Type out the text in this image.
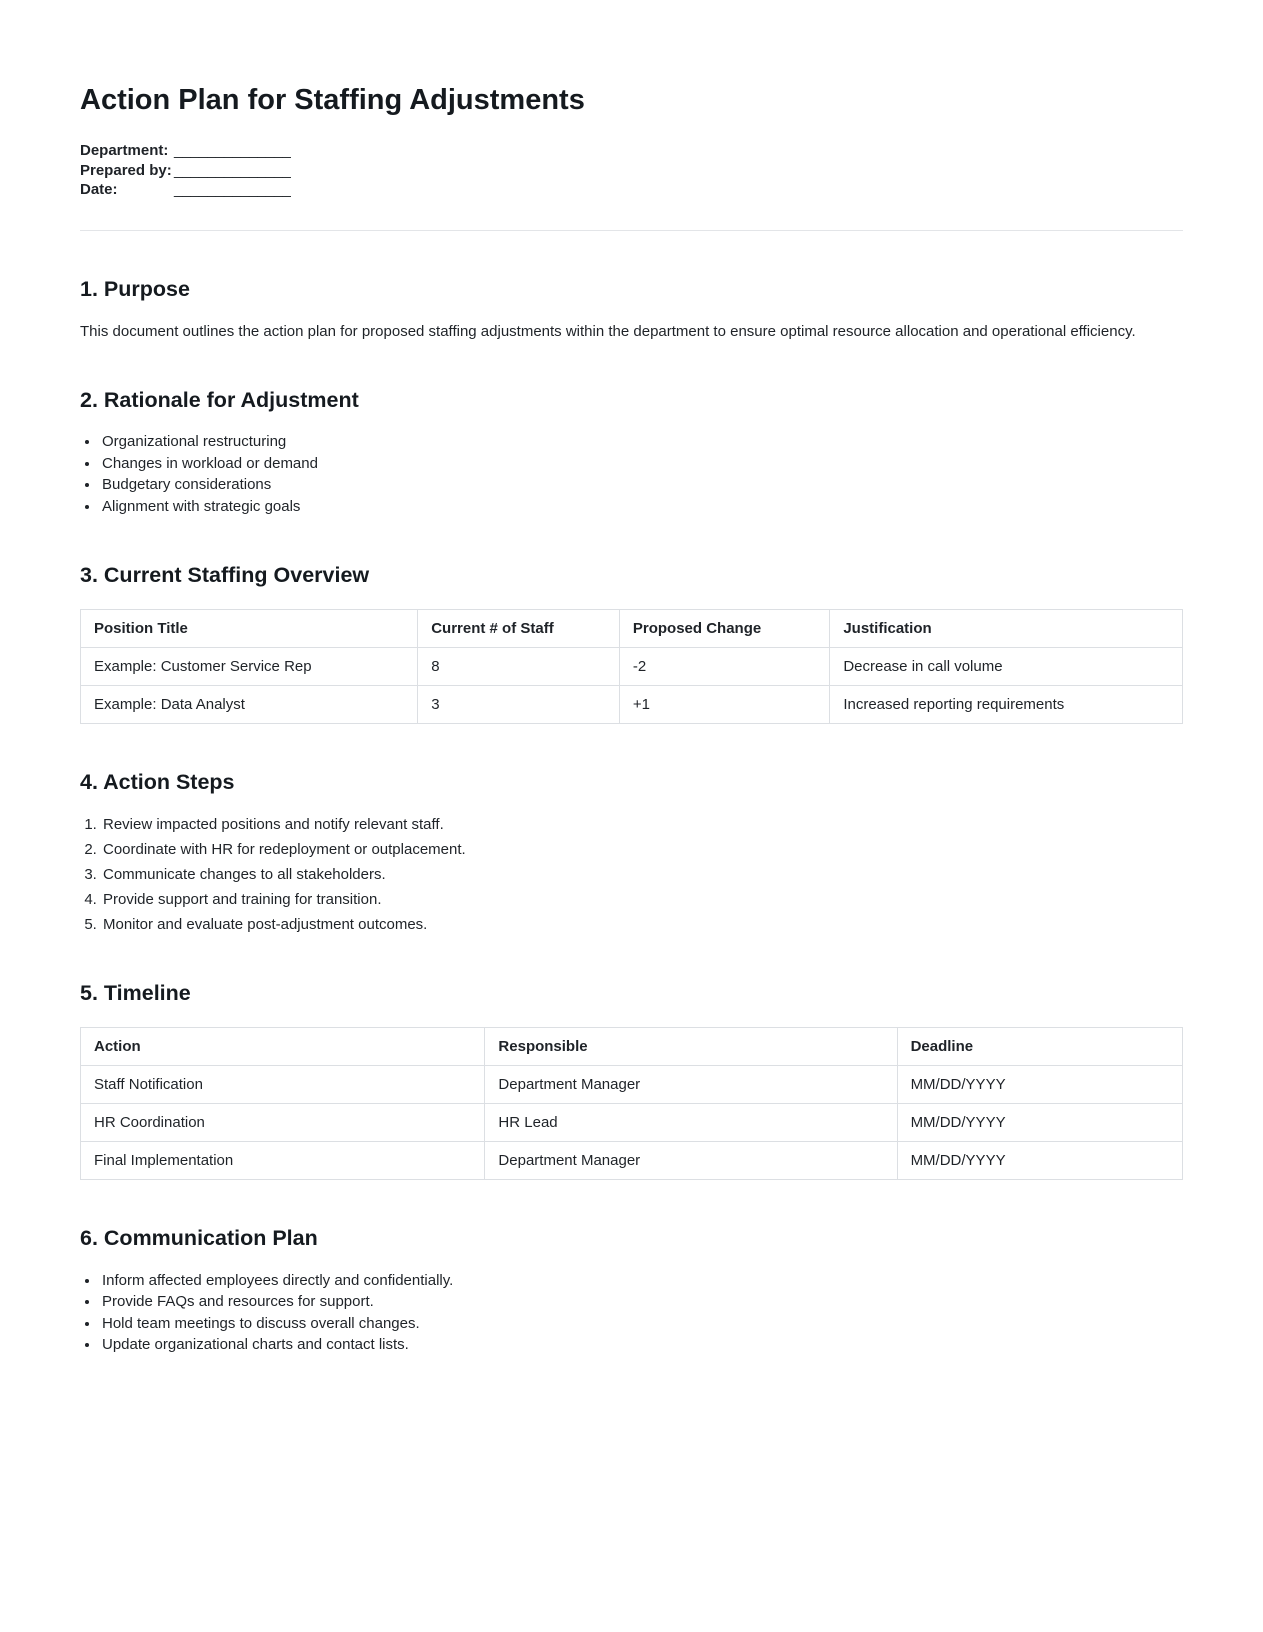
Action Plan for Staffing Adjustments
Department: ______________
Prepared by: ______________
Date:	______________
1. Purpose

This document outlines the action plan for proposed staffing adjustments within the department to ensure optimal resource allocation and operational efficiency.

2. Rationale for Adjustment
• Organizational restructuring
• Changes in workload or demand
• Budgetary considerations
• Alignment with strategic goals
3. Current Staffing Overview
Position Title	Current # of Staff	Proposed Change	Justification
Example: Customer Service Rep	8	-2	Decrease in call volume
Example: Data Analyst	3	+1	Increased reporting requirements
4. Action Steps
1. Review impacted positions and notify relevant staff.
2. Coordinate with HR for redeployment or outplacement.
3. Communicate changes to all stakeholders.
4. Provide support and training for transition.
5. Monitor and evaluate post-adjustment outcomes.
5. Timeline
Action	Responsible	Deadline
Staff Notification	Department Manager	MM/DD/YYYY
HR Coordination	HR Lead	MM/DD/YYYY
Final Implementation	Department Manager	MM/DD/YYYY
6. Communication Plan
• Inform affected employees directly and confidentially.
• Provide FAQs and resources for support.
• Hold team meetings to discuss overall changes.
• Update organizational charts and contact lists.
